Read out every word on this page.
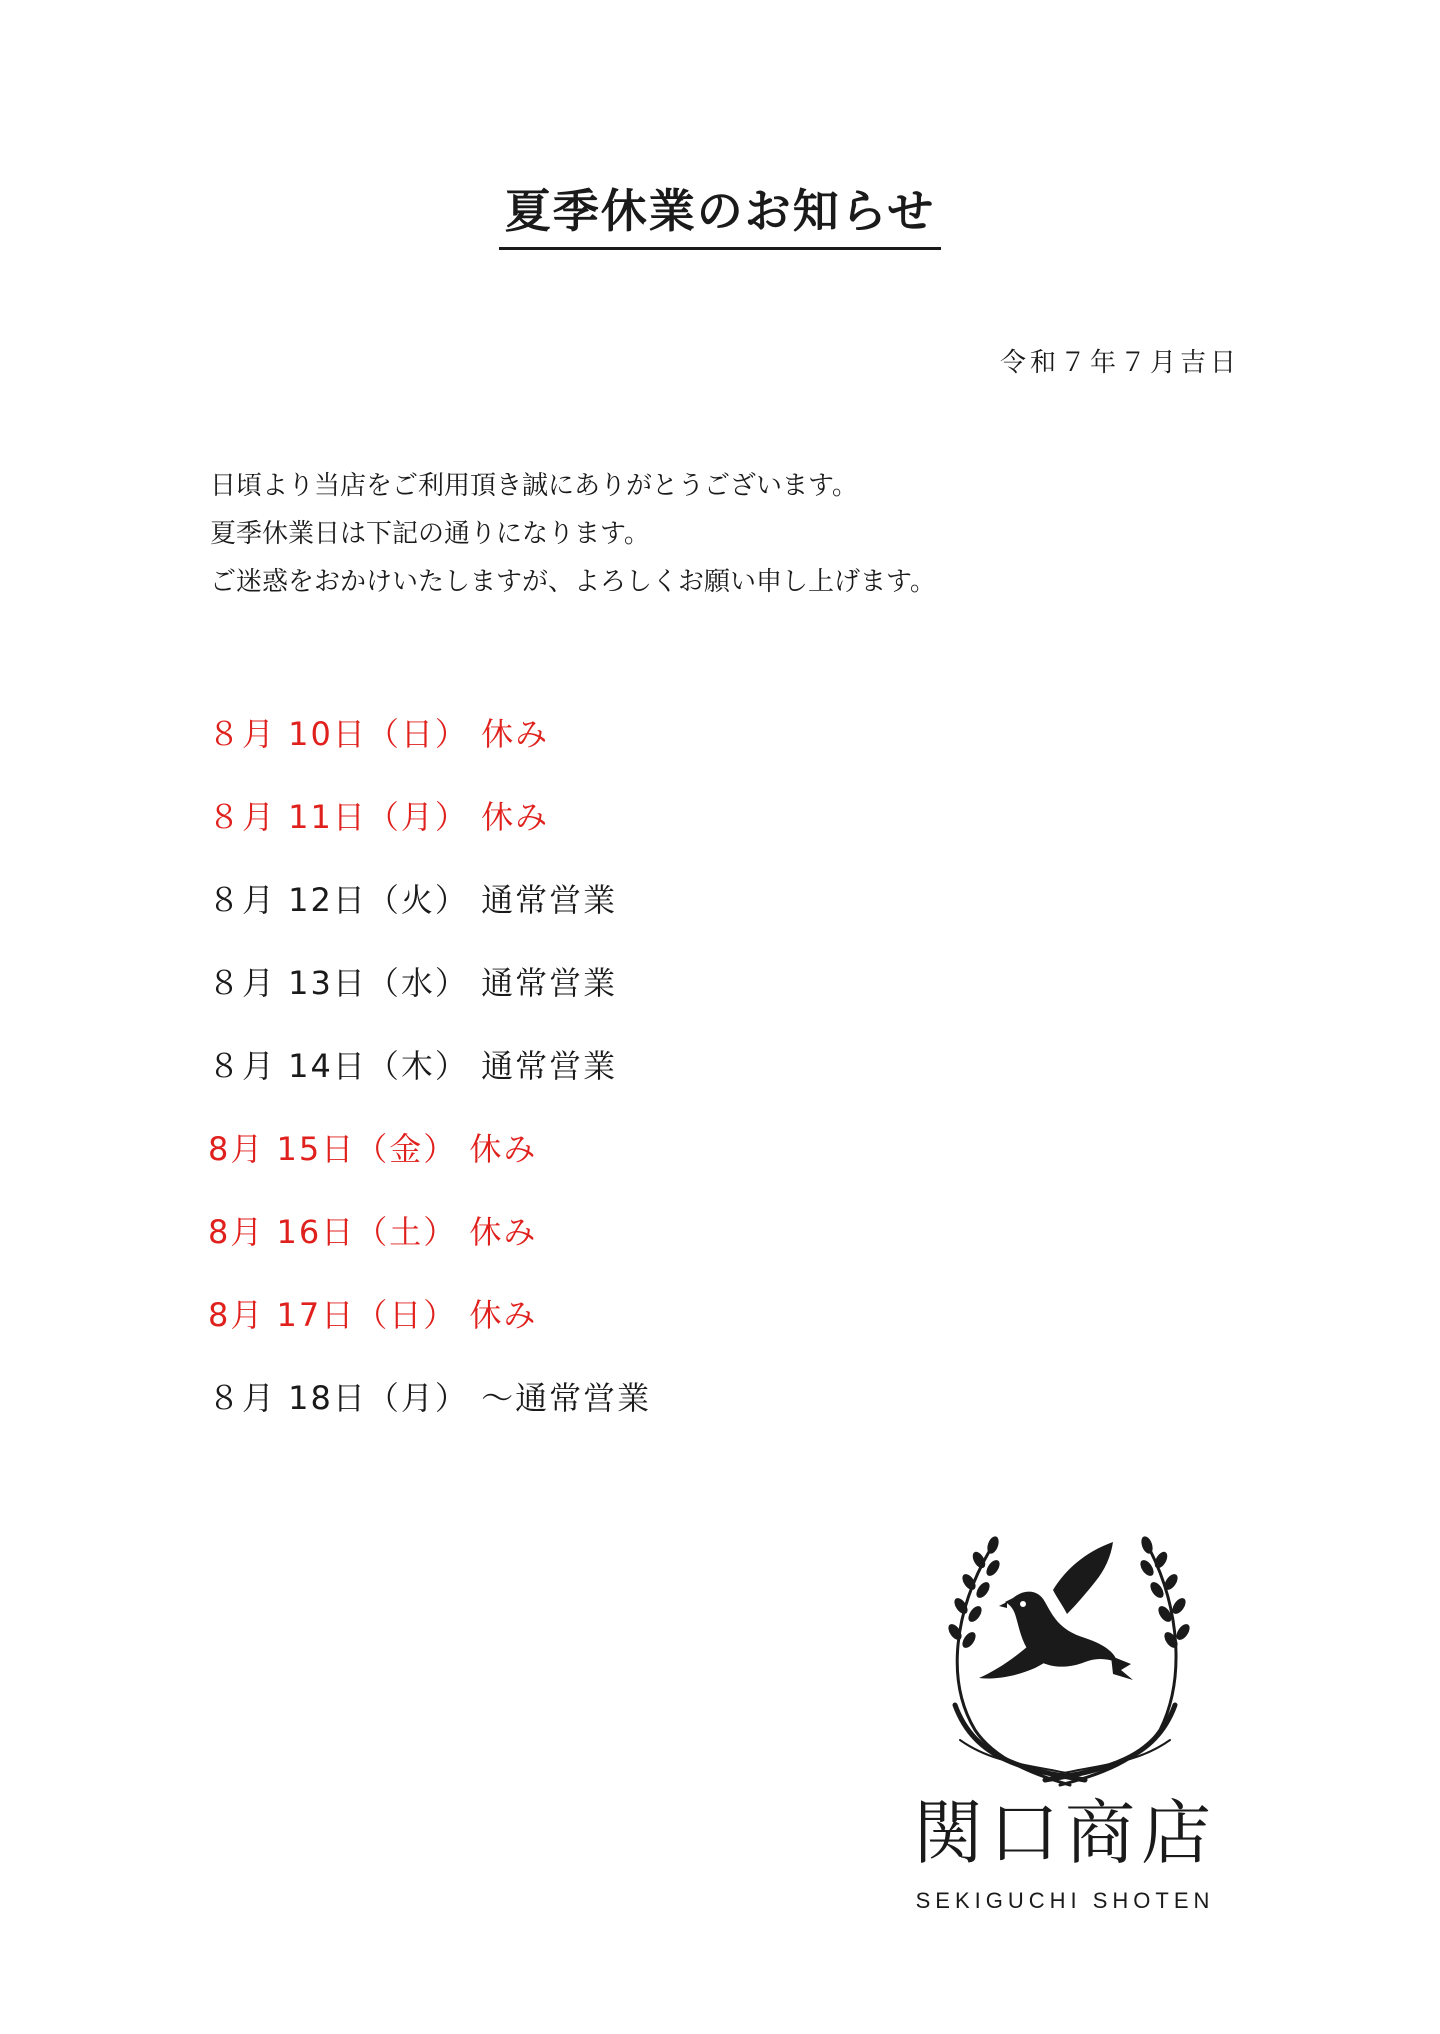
夏季休業のお知らせ
令和７年７月吉日
日頃より当店をご利用頂き誠にありがとうございます。
夏季休業日は下記の通りになります。
ご迷惑をおかけいたしますが、よろしくお願い申し上げます。
８月 10日（日） 休み
８月 11日（月） 休み
８月 12日（火） 通常営業
８月 13日（水） 通常営業
８月 14日（木） 通常営業
8月 15日（金） 休み
8月 16日（土） 休み
8月 17日（日） 休み
８月 18日（月） ～通常営業
関口商店
SEKIGUCHI SHOTEN
